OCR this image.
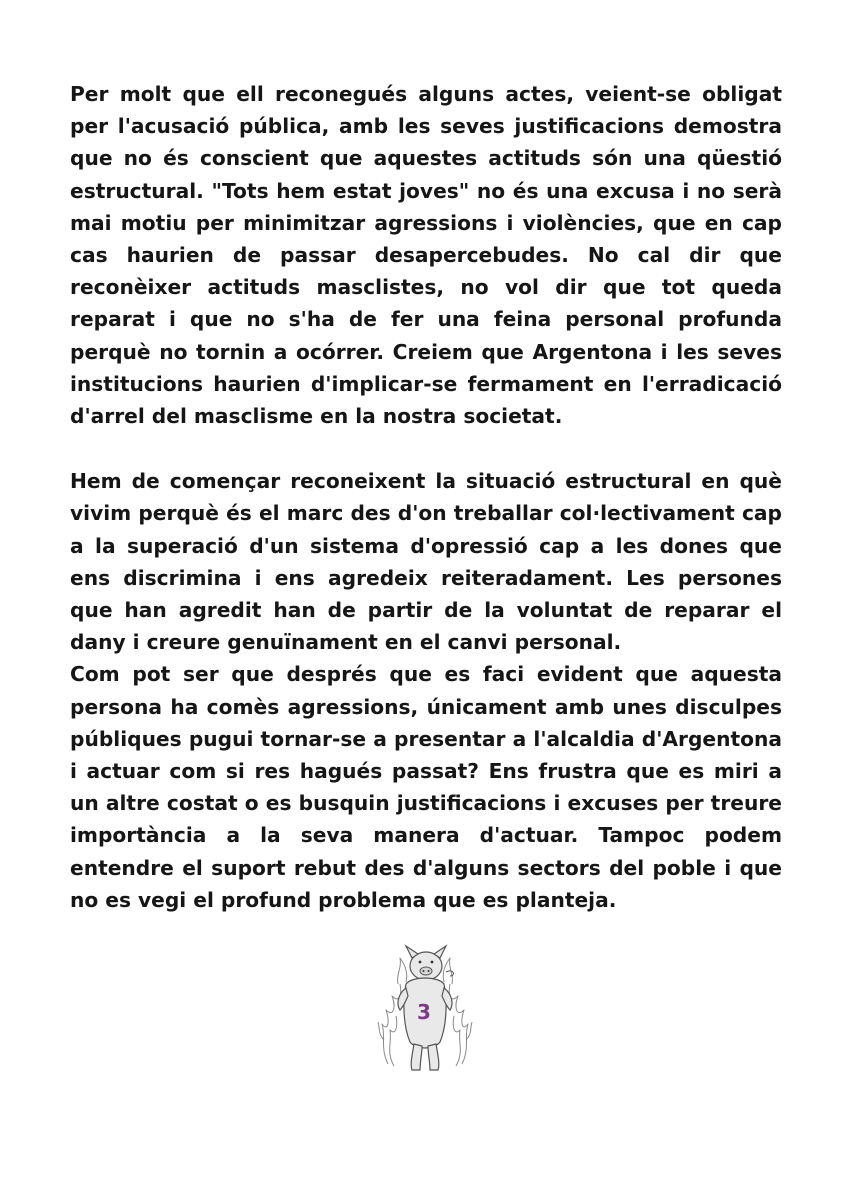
Per molt que ell reconegués alguns actes, veient-se obligat per l'acusació pública, amb les seves justificacions demostra que no és conscient que aquestes actituds són una qüestió estructural. "Tots hem estat joves" no és una excusa i no serà mai motiu per minimitzar agressions i violències, que en cap cas haurien de passar desapercebudes. No cal dir que reconèixer actituds masclistes, no vol dir que tot queda reparat i que no s'ha de fer una feina personal profunda perquè no tornin a ocórrer. Creiem que Argentona i les seves institucions haurien d'implicar-se fermament en l'erradicació d'arrel del masclisme en la nostra societat.

Hem de començar reconeixent la situació estructural en què vivim perquè és el marc des d'on treballar col·lectivament cap a la superació d'un sistema d'opressió cap a les dones que ens discrimina i ens agredeix reiteradament. Les persones que han agredit han de partir de la voluntat de reparar el dany i creure genuïnament en el canvi personal.

Com pot ser que després que es faci evident que aquesta persona ha comès agressions, únicament amb unes disculpes públiques pugui tornar-se a presentar a l'alcaldia d'Argentona i actuar com si res hagués passat? Ens frustra que es miri a un altre costat o es busquin justificacions i excuses per treure importància a la seva manera d'actuar. Tampoc podem entendre el suport rebut des d'alguns sectors del poble i que no es vegi el profund problema que es planteja.

3
